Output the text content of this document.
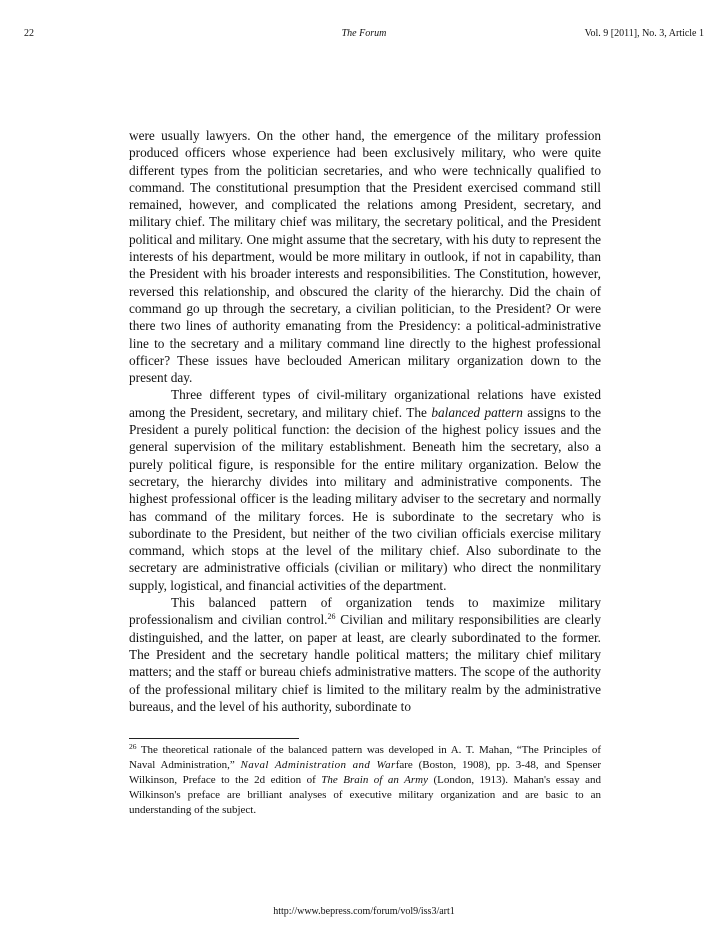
22	The Forum	Vol. 9 [2011], No. 3, Article 1

were usually lawyers. On the other hand, the emergence of the military profession produced officers whose experience had been exclusively military, who were quite different types from the politician secretaries, and who were technically qualified to command. The constitutional presumption that the President exercised command still remained, however, and complicated the relations among President, secretary, and military chief. The military chief was military, the secretary political, and the President political and military. One might assume that the secretary, with his duty to represent the interests of his department, would be more military in outlook, if not in capability, than the President with his broader interests and responsibilities. The Constitution, however, reversed this relationship, and obscured the clarity of the hierarchy. Did the chain of command go up through the secretary, a civilian politician, to the President? Or were there two lines of authority emanating from the Presidency: a political-administrative line to the secretary and a military command line directly to the highest professional officer? These issues have beclouded American military organization down to the present day.

Three different types of civil-military organizational relations have existed among the President, secretary, and military chief. The balanced pattern assigns to the President a purely political function: the decision of the highest policy issues and the general supervision of the military establishment. Beneath him the secretary, also a purely political figure, is responsible for the entire military organization. Below the secretary, the hierarchy divides into military and administrative components. The highest professional officer is the leading military adviser to the secretary and normally has command of the military forces. He is subordinate to the secretary who is subordinate to the President, but neither of the two civilian officials exercise military command, which stops at the level of the military chief. Also subordinate to the secretary are administrative officials (civilian or military) who direct the nonmilitary supply, logistical, and financial activities of the department.

This balanced pattern of organization tends to maximize military professionalism and civilian control.$^{26}$ Civilian and military responsibilities are clearly distinguished, and the latter, on paper at least, are clearly subordinated to the former. The President and the secretary handle political matters; the military chief military matters; and the staff or bureau chiefs administrative matters. The scope of the authority of the professional military chief is limited to the military realm by the administrative bureaus, and the level of his authority, subordinate to

$^{26}$ The theoretical rationale of the balanced pattern was developed in A. T. Mahan, “The Principles of Naval Administration,” Naval Administration and Warfare (Boston, 1908), pp. 3-48, and Spenser Wilkinson, Preface to the 2d edition of The Brain of an Army (London, 1913). Mahan's essay and Wilkinson's preface are brilliant analyses of executive military organization and are basic to an understanding of the subject.

http://www.bepress.com/forum/vol9/iss3/art1
